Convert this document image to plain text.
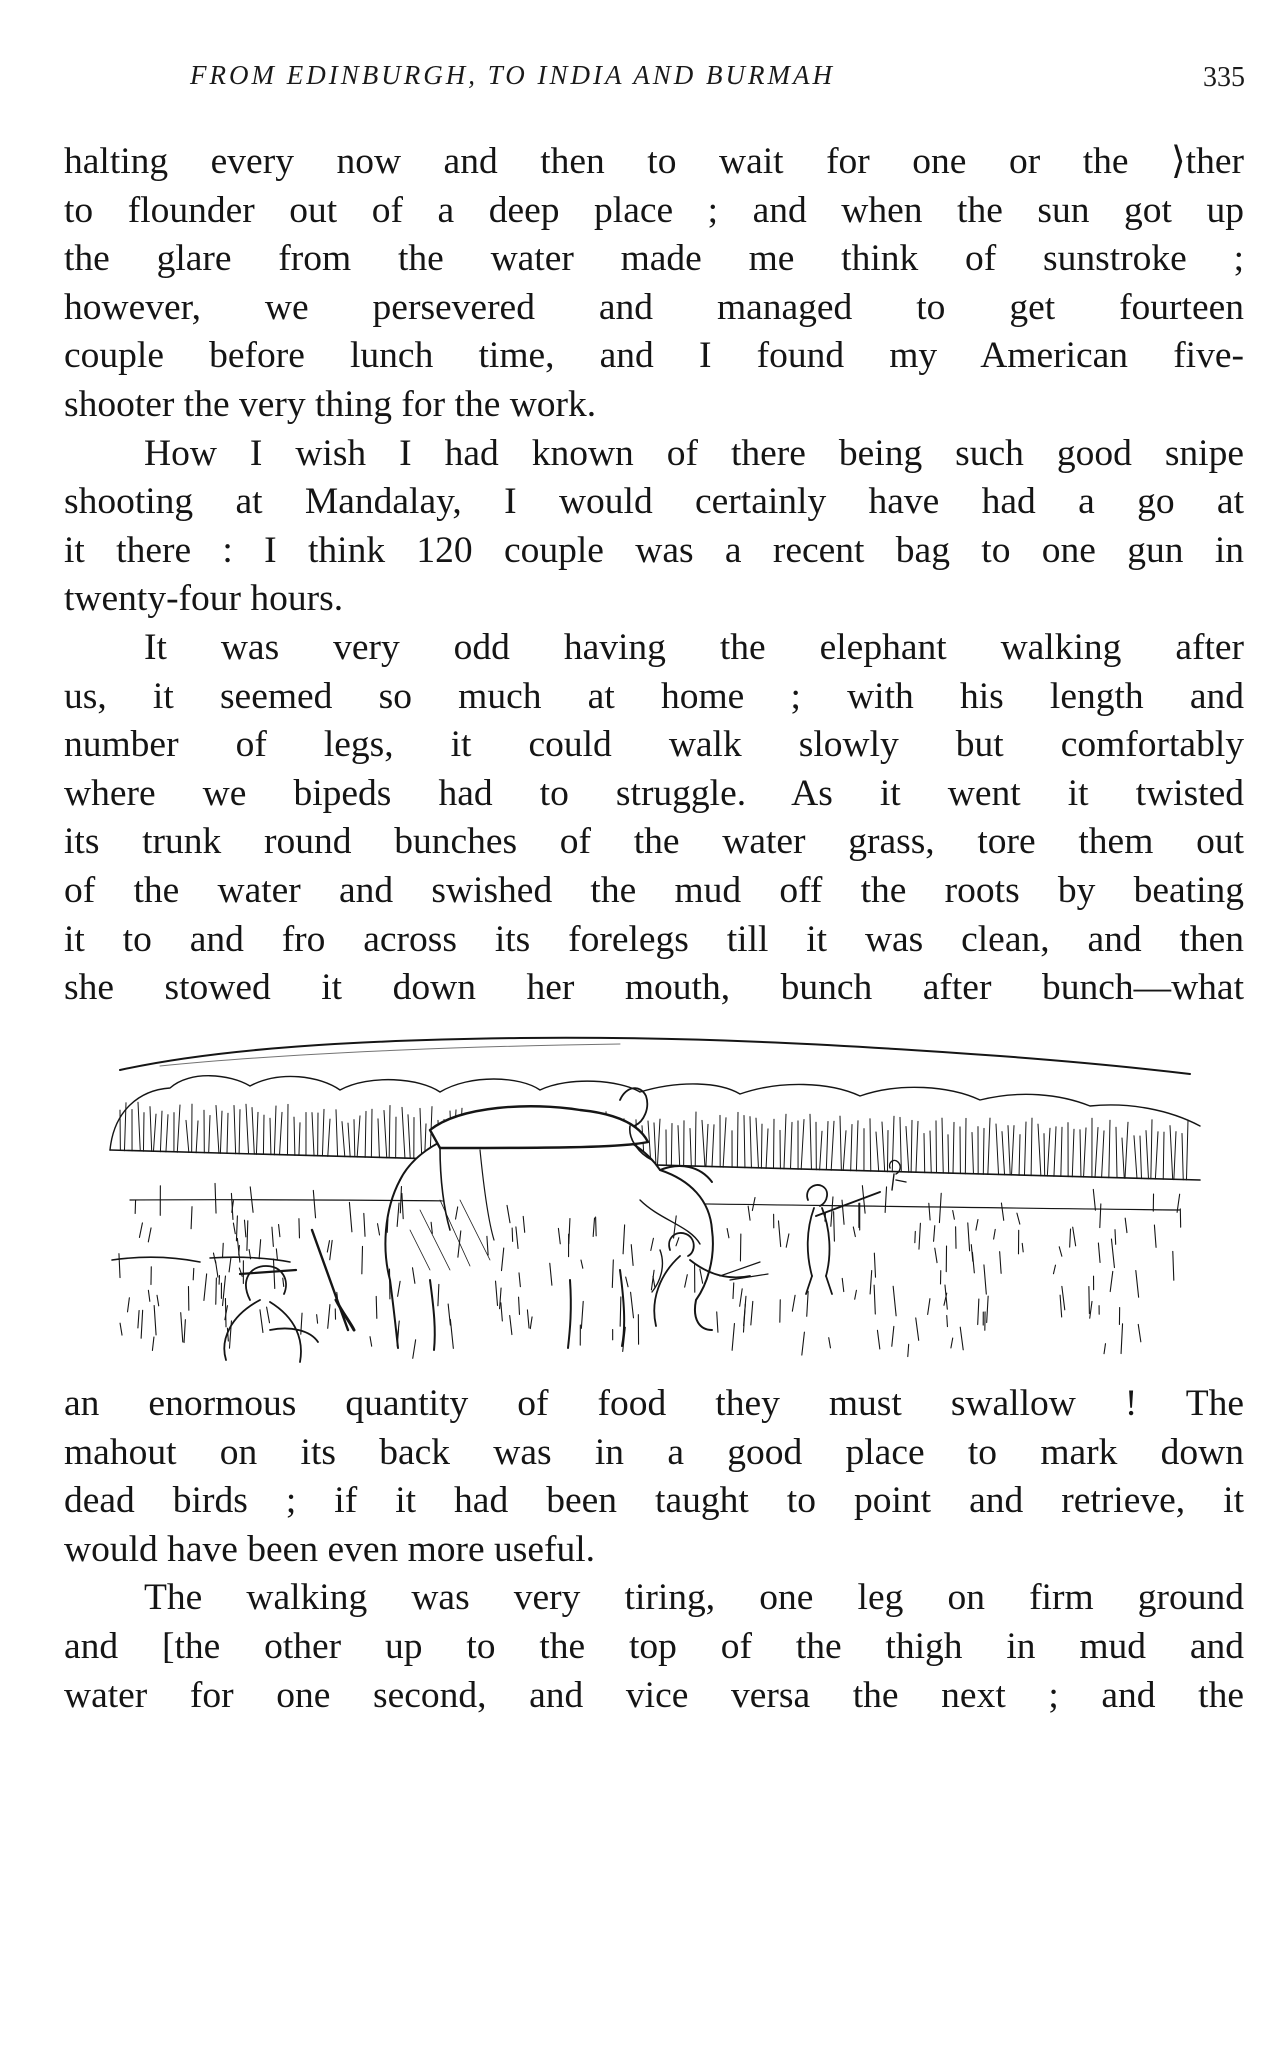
FROM EDINBURGH, TO INDIA AND BURMAH	335
halting every now and then to wait for one or the ⟩ther
to flounder out of a deep place ; and when the sun got up
the glare from the water made me think of sunstroke ;
however, we persevered and managed to get fourteen
couple before lunch time, and I found my American five-
shooter the very thing for the work.
How I wish I had known of there being such good snipe
shooting at Mandalay, I would certainly have had a go at
it there : I think 120 couple was a recent bag to one gun in
twenty-four hours.
It was very odd having the elephant walking after
us, it seemed so much at home ; with his length and
number of legs, it could walk slowly but comfortably
where we bipeds had to struggle. As it went it twisted
its trunk round bunches of the water grass, tore them out
of the water and swished the mud off the roots by beating
it to and fro across its forelegs till it was clean, and then
she stowed it down her mouth, bunch after bunch—what
an enormous quantity of food they must swallow ! The
mahout on its back was in a good place to mark down
dead birds ; if it had been taught to point and retrieve, it
would have been even more useful.
The walking was very tiring, one leg on firm ground
and [the other up to the top of the thigh in mud and
water for one second, and vice versa the next ; and the
